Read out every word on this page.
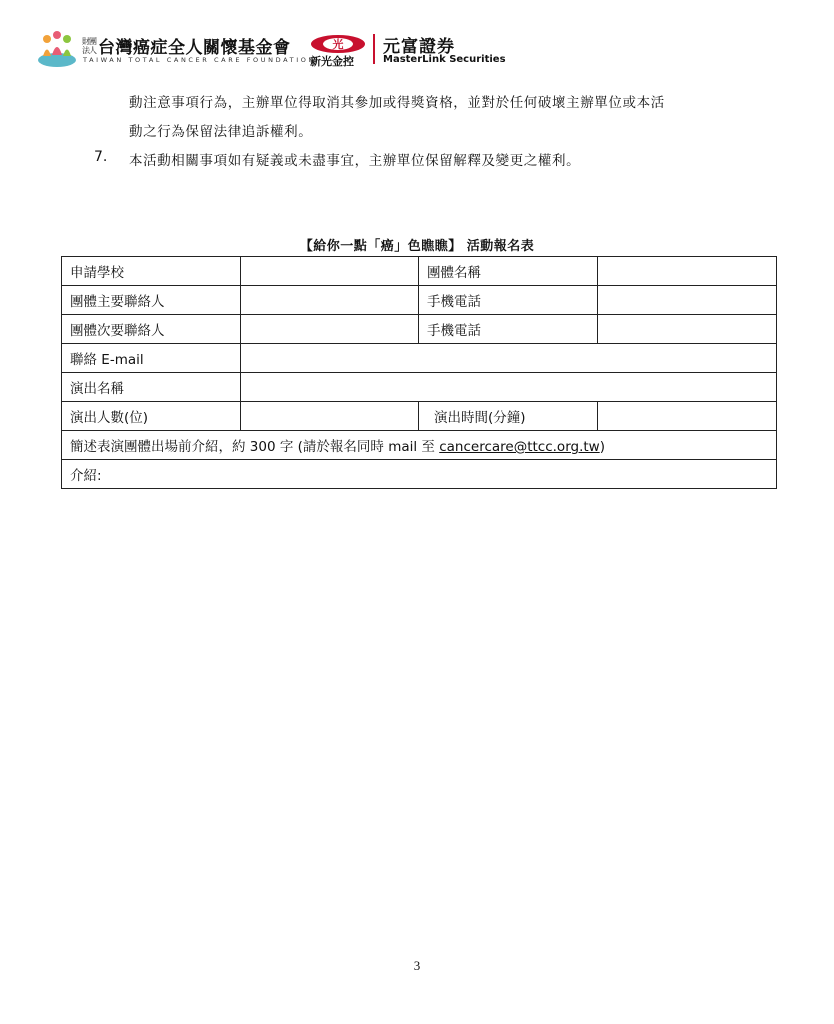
財團法人 台灣癌症全人關懷基金會
TAIWAN TOTAL CANCER CARE FOUNDATION
光
新光金控
元富證券
MasterLink Securities
動注意事項行為，主辦單位得取消其參加或得獎資格，並對於任何破壞主辦單位或本活
動之行為保留法律追訴權利。
7. 本活動相關事項如有疑義或未盡事宜，主辦單位保留解釋及變更之權利。
【給你一點「癌」色瞧瞧】 活動報名表
申請學校		團體名稱	
團體主要聯絡人		手機電話	
團體次要聯絡人		手機電話	
聯絡 E-mail			
演出名稱			
演出人數(位)		演出時間(分鐘)	
簡述表演團體出場前介紹，約 300 字 (請於報名同時 mail 至 cancercare@ttcc.org.tw)			
介紹:			
3
